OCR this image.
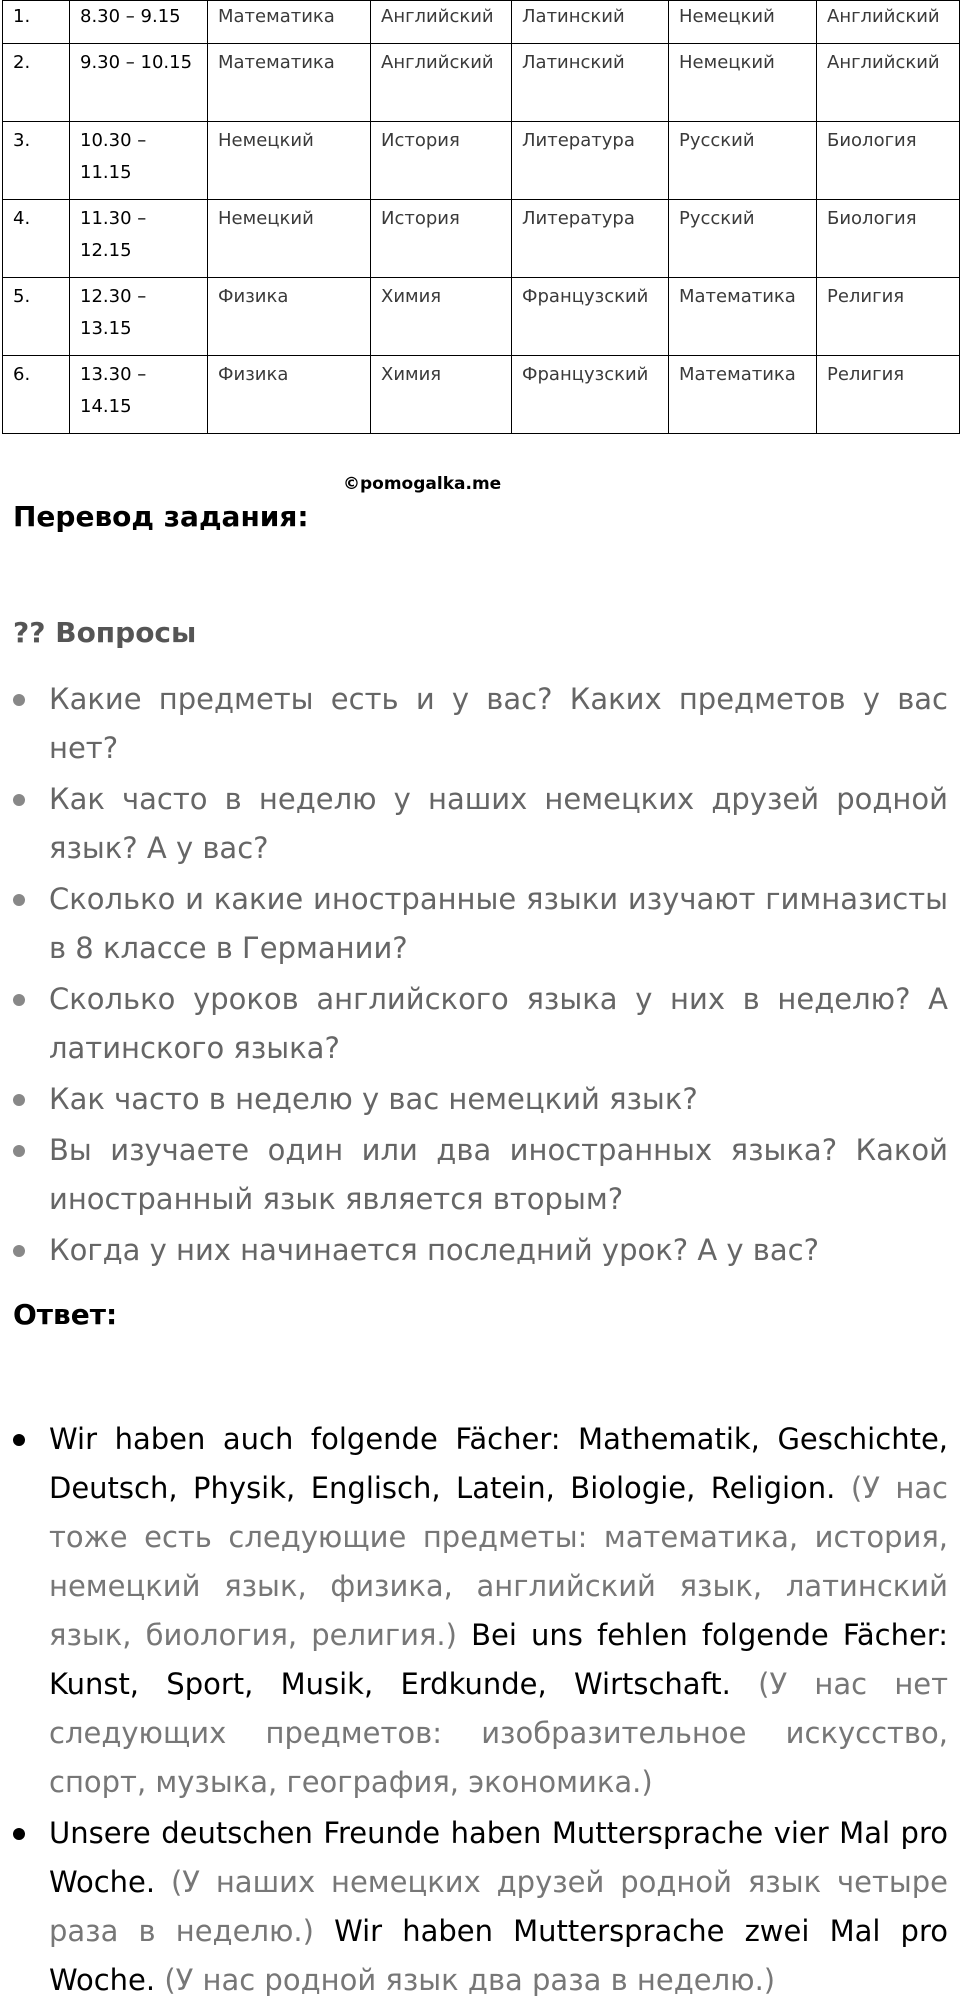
1.	8.30 – 9.15	Математика	Английский	Латинский	Немецкий	Английский
2.	9.30 – 10.15	Математика	Английский	Латинский	Немецкий	Английский
3.	10.30 – 11.15	Немецкий	История	Литература	Русский	Биология
4.	11.30 – 12.15	Немецкий	История	Литература	Русский	Биология
5.	12.30 – 13.15	Физика	Химия	Французский	Математика	Религия
6.	13.30 – 14.15	Физика	Химия	Французский	Математика	Религия
©pomogalka.me
Перевод задания:
?? Вопросы
Какие предметы есть и у вас? Каких предметов у вас нет?
Как часто в неделю у наших немецких друзей родной язык? А у вас?
Сколько и какие иностранные языки изучают гимназисты в 8 классе в Германии?
Сколько уроков английского языка у них в неделю? А латинского языка?
Как часто в неделю у вас немецкий язык?
Вы изучаете один или два иностранных языка? Какой иностранный язык является вторым?
Когда у них начинается последний урок? А у вас?
Ответ:
Wir haben auch folgende Fächer: Mathematik, Geschichte, Deutsch, Physik, Englisch, Latein, Biologie, Religion. (У нас тоже есть следующие предметы: математика, история, немецкий язык, физика, английский язык, латинский язык, биология, религия.) Bei uns fehlen folgende Fächer: Kunst, Sport, Musik, Erdkunde, Wirtschaft. (У нас нет следующих предметов: изобразительное искусство, спорт, музыка, география, экономика.)
Unsere deutschen Freunde haben Muttersprache vier Mal pro Woche. (У наших немецких друзей родной язык четыре раза в неделю.) Wir haben Muttersprache zwei Mal pro Woche. (У нас родной язык два раза в неделю.)
